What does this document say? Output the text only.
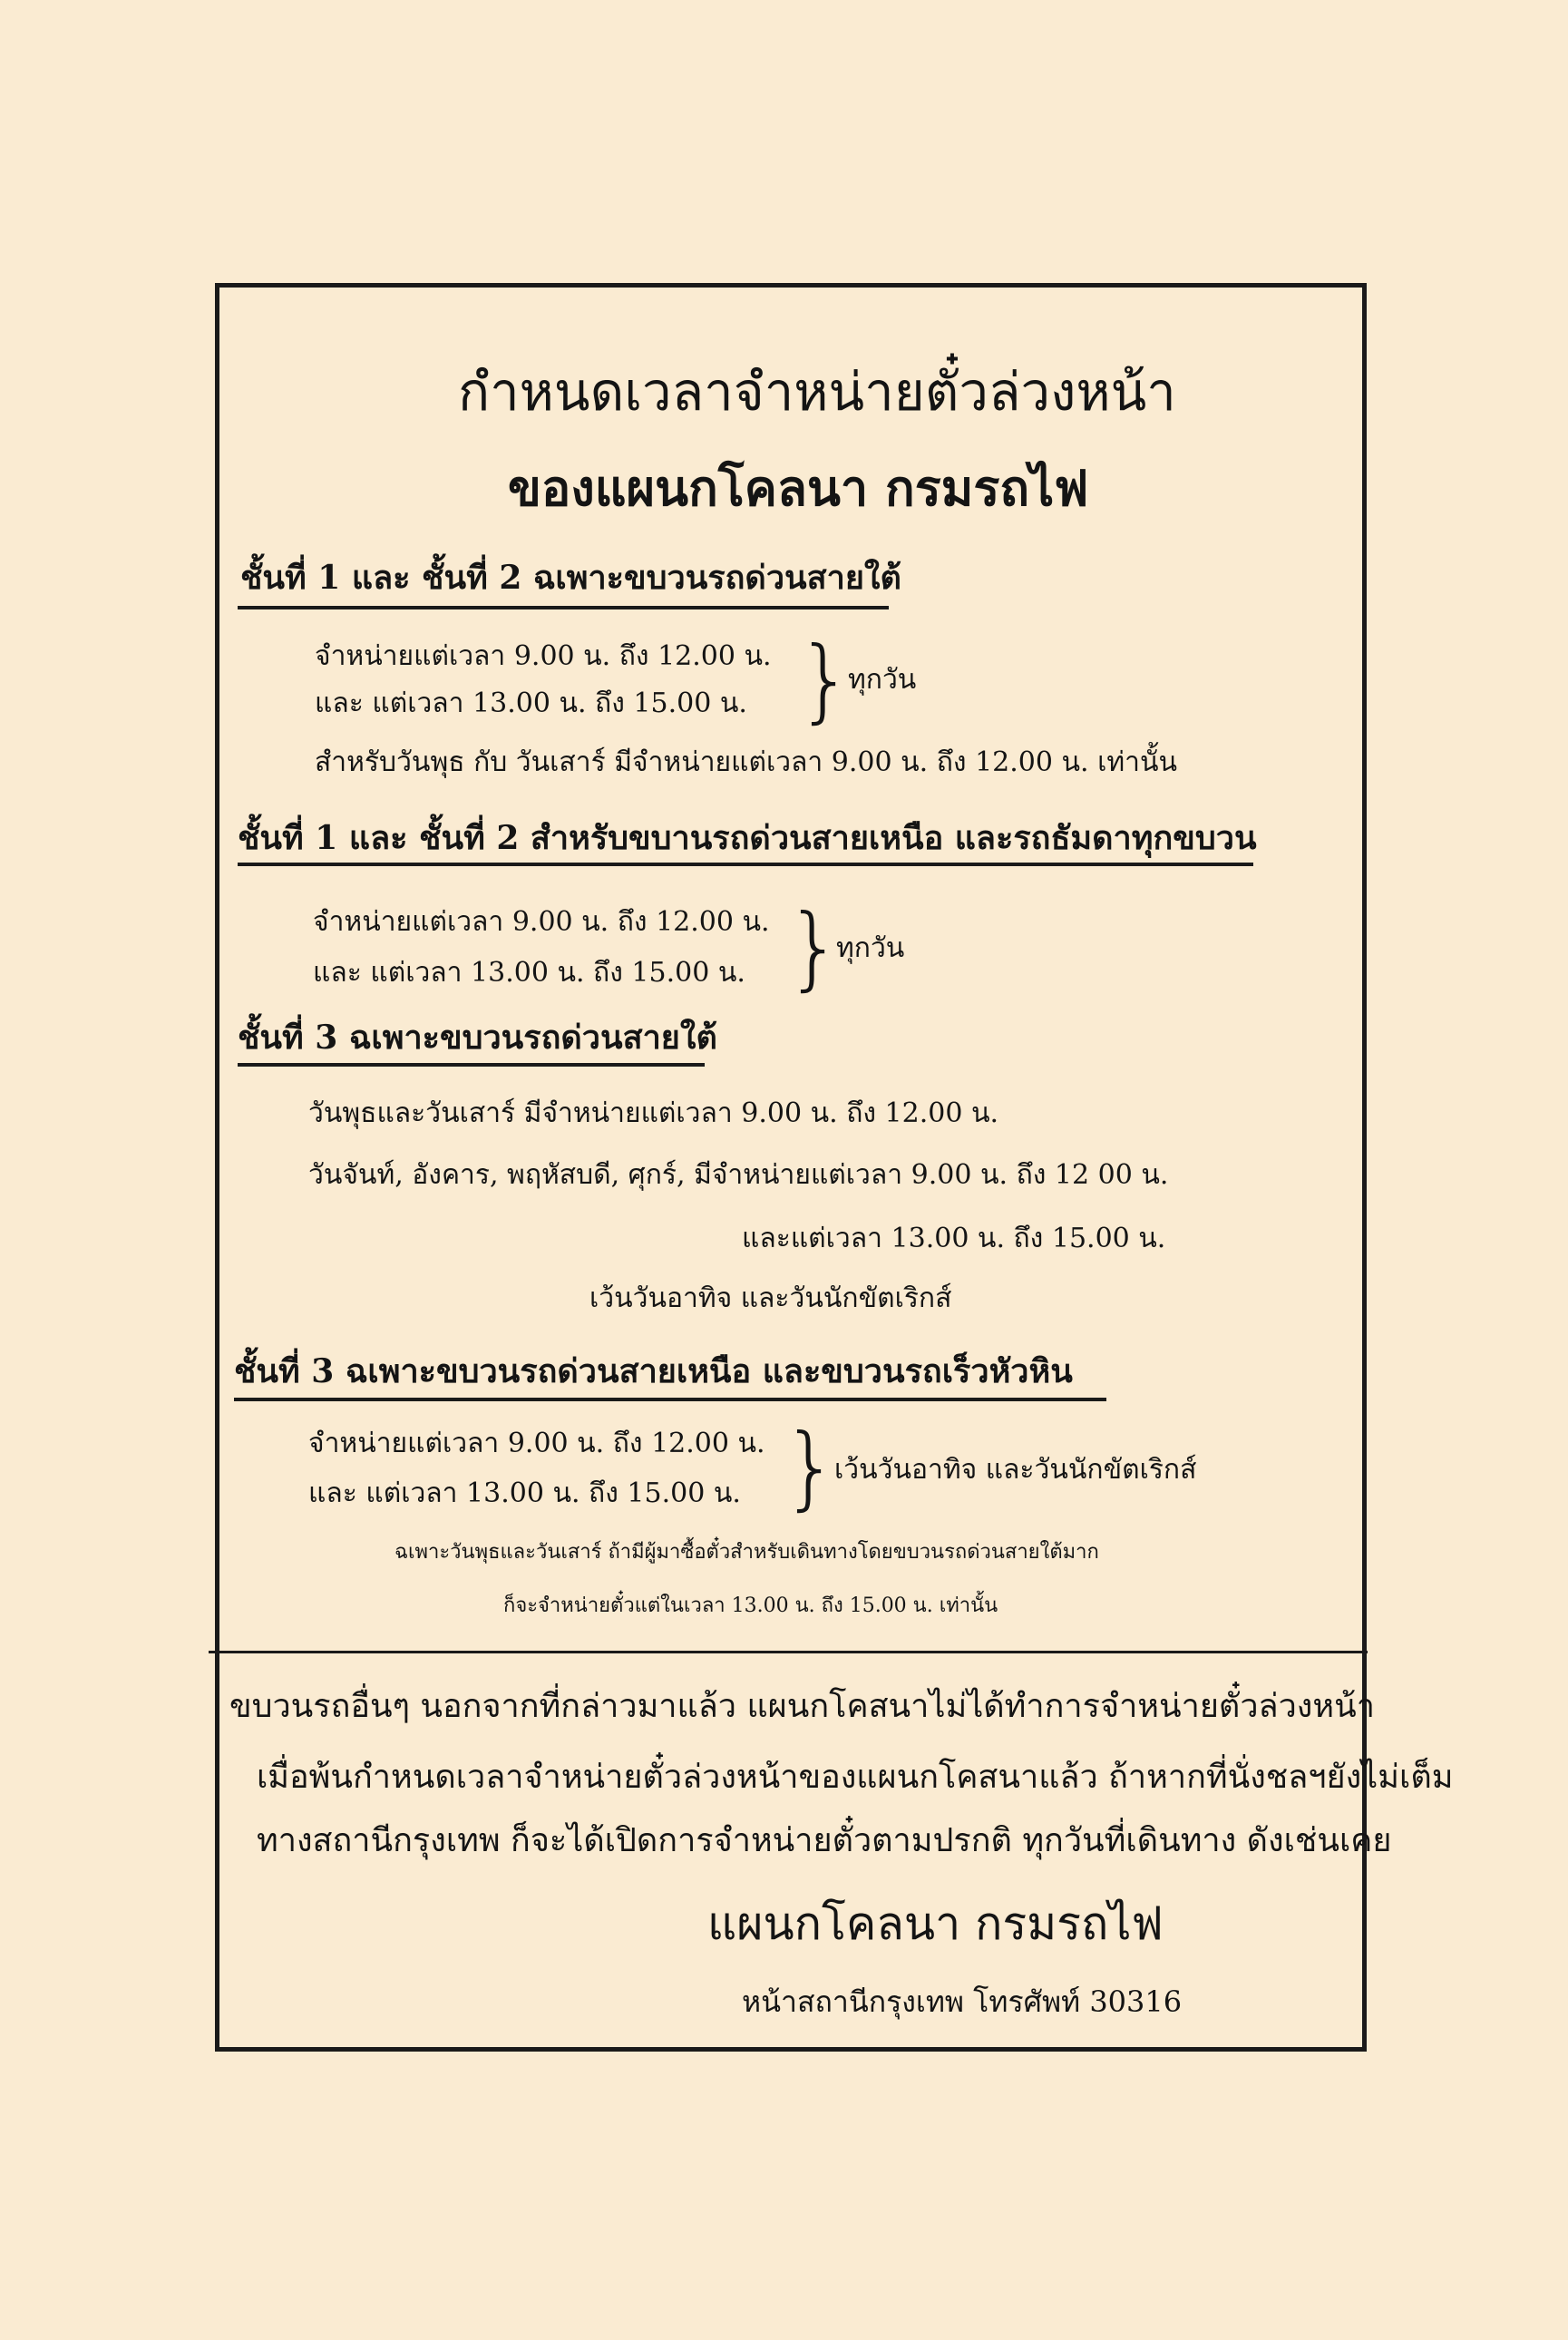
กำหนดเวลาจำหน่ายตั๋วล่วงหน้า
ของแผนกโคลนา กรมรถไฟ
ชั้นที่ 1 และ ชั้นที่ 2 ฉเพาะขบวนรถด่วนสายใต้
จำหน่ายแต่เวลา 9.00 น. ถึง 12.00 น.
และ แต่เวลา 13.00 น. ถึง 15.00 น. }
ทุกวัน
สำหรับวันพุธ กับ วันเสาร์ มีจำหน่ายแต่เวลา 9.00 น. ถึง 12.00 น. เท่านั้น
ชั้นที่ 1 และ ชั้นที่ 2 สำหรับขบานรถด่วนสายเหนือ และรถธัมดาทุกขบวน
จำหน่ายแต่เวลา 9.00 น. ถึง 12.00 น.
และ แต่เวลา 13.00 น. ถึง 15.00 น. }
ทุกวัน
ชั้นที่ 3 ฉเพาะขบวนรถด่วนสายใต้
วันพุธและวันเสาร์ มีจำหน่ายแต่เวลา 9.00 น. ถึง 12.00 น.
วันจันท์, อังคาร, พฤหัสบดี, ศุกร์, มีจำหน่ายแต่เวลา 9.00 น. ถึง 12 00 น.
และแต่เวลา 13.00 น. ถึง 15.00 น.
เว้นวันอาทิจ และวันนักขัตเริกส์
ชั้นที่ 3 ฉเพาะขบวนรถด่วนสายเหนือ และขบวนรถเร็วหัวหิน
จำหน่ายแต่เวลา 9.00 น. ถึง 12.00 น.
และ แต่เวลา 13.00 น. ถึง 15.00 น. }
เว้นวันอาทิจ และวันนักขัตเริกส์
ฉเพาะวันพุธและวันเสาร์ ถ้ามีผู้มาซื้อตั๋วสำหรับเดินทางโดยขบวนรถด่วนสายใต้มาก
ก็จะจำหน่ายตั๋วแต่ในเวลา 13.00 น. ถึง 15.00 น. เท่านั้น
ขบวนรถอื่นๆ นอกจากที่กล่าวมาแล้ว แผนกโคสนาไม่ได้ทำการจำหน่ายตั๋วล่วงหน้า
เมื่อพ้นกำหนดเวลาจำหน่ายตั๋วล่วงหน้าของแผนกโคสนาแล้ว ถ้าหากที่นั่งชลฯยังไม่เต็ม
ทางสถานีกรุงเทพ ก็จะได้เปิดการจำหน่ายตั๋วตามปรกติ ทุกวันที่เดินทาง ดังเช่นเคย
แผนกโคลนา กรมรถไฟ
หน้าสถานีกรุงเทพ โทรศัพท์ 30316
